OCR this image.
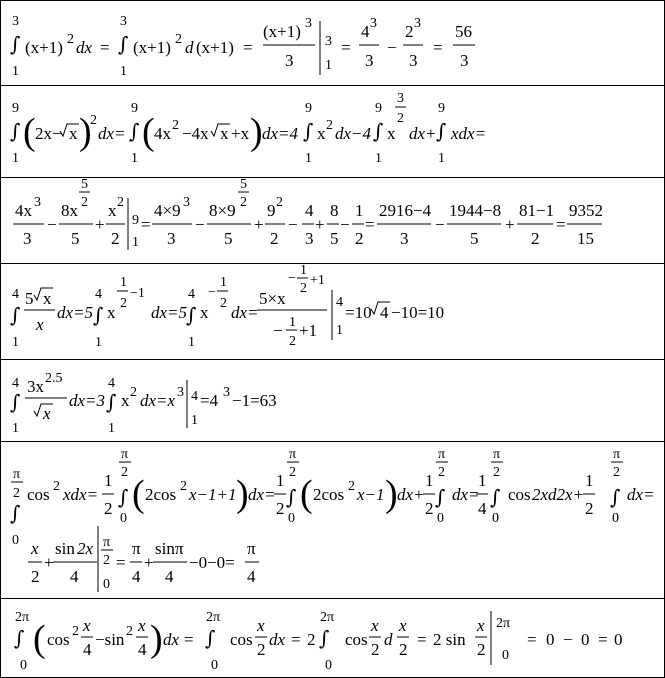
3
∫
1
(x+1) 2 dx =
3
∫
1
(x+1) 2 d (x+1) =
(x+1) 3
3
3
1
=
4 3
3
−
2 3
3
=
56
3
9
∫
1
( 2x− x )
2
dx=
9
∫
1
( 4x 2 −4x x +x ) dx=4
9
∫
1
x 2 dx−4
9
∫
1
x
3
2
dx+
9
∫
1
xdx=
4x 3
3
−
8x
5
2
5
+
x 2
2
9
1
=
4×9 3
3
−
8×9
5
2
5
+
9 2
2
−
4
3
+
8
5
−
1
2
=
2916−4
3
−
1944−8
5
+
81−1
2
=
9352
15
4
∫
1
5 x
x
dx=5
4
∫
1
x
1
2
−1
dx=5
4
∫
1
x
−
1
2 dx=
5×x
−
1
2
+1
− 1
2
+1
4
1
=10 4 −10=10
4
∫
1
3x 2.5
x
dx=3
4
∫
1
x 2 dx=x 3 4
1
=4 3 −1=63
π
2
∫
0
cos 2 xdx=
1
2
π
2
∫
0
( 2cos 2 x−1+1 ) dx=
1
2
π
2
∫
0
( 2cos 2 x−1 ) dx+
1
2
π
2
∫
0
dx=
1
4
π
2
∫
0
cos 2xd2x+
1
2
π
2
∫
0
dx=
x
2
+
sin 2x
4
π
2
0
=
π
4
+
sinπ
4
−0−0=
π
4
2π
∫
0
( cos 2 x
4
−sin 2 x
4 ) dx =
2π
∫
0
cos
x
2
dx = 2
2π
∫
0
cos
x
2
d
x
2
= 2 sin
x
2
2π
0
= 0 − 0 = 0
